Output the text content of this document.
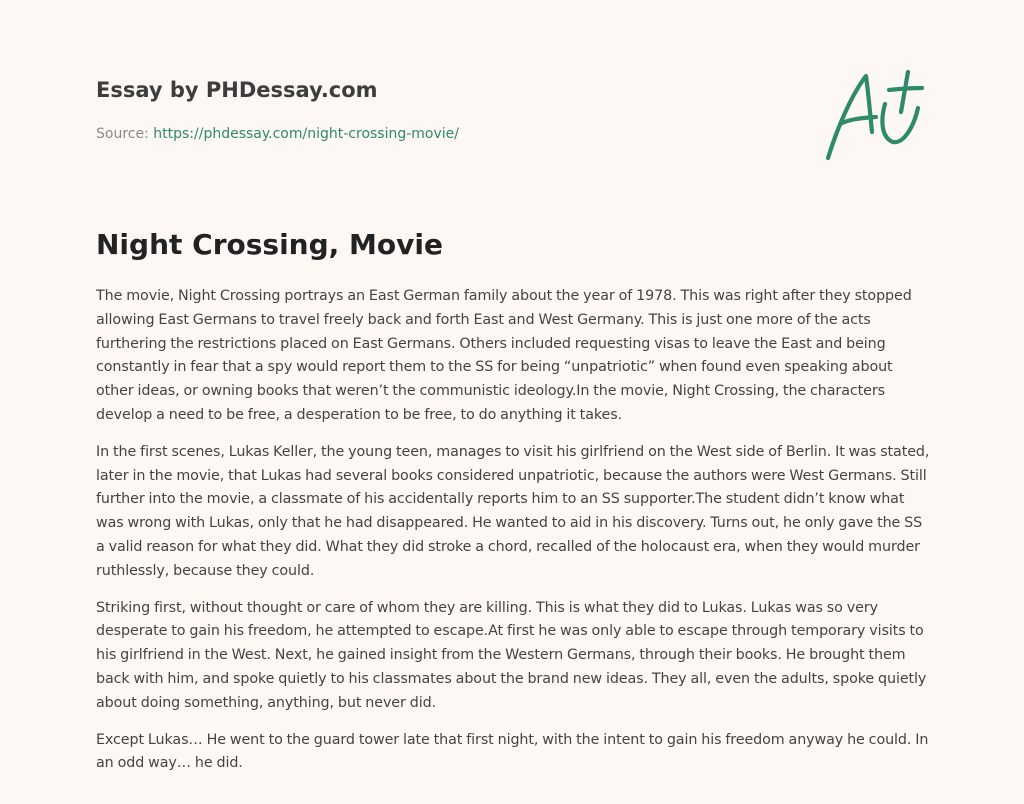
Essay by PHDessay.com

Source: https://phdessay.com/night-crossing-movie/
Night Crossing, Movie

The movie, Night Crossing portrays an East German family about the year of 1978. This was right after they stopped allowing East Germans to travel freely back and forth East and West Germany. This is just one more of the acts furthering the restrictions placed on East Germans. Others included requesting visas to leave the East and being constantly in fear that a spy would report them to the SS for being “unpatriotic” when found even speaking about other ideas, or owning books that weren’t the communistic ideology.In the movie, Night Crossing, the characters develop a need to be free, a desperation to be free, to do anything it takes.

In the first scenes, Lukas Keller, the young teen, manages to visit his girlfriend on the West side of Berlin. It was stated, later in the movie, that Lukas had several books considered unpatriotic, because the authors were West Germans. Still further into the movie, a classmate of his accidentally reports him to an SS supporter.The student didn’t know what was wrong with Lukas, only that he had disappeared. He wanted to aid in his discovery. Turns out, he only gave the SS a valid reason for what they did. What they did stroke a chord, recalled of the holocaust era, when they would murder ruthlessly, because they could.

Striking first, without thought or care of whom they are killing. This is what they did to Lukas. Lukas was so very desperate to gain his freedom, he attempted to escape.At first he was only able to escape through temporary visits to his girlfriend in the West. Next, he gained insight from the Western Germans, through their books. He brought them back with him, and spoke quietly to his classmates about the brand new ideas. They all, even the adults, spoke quietly about doing something, anything, but never did.

Except Lukas… He went to the guard tower late that first night, with the intent to gain his freedom anyway he could. In an odd way… he did.
